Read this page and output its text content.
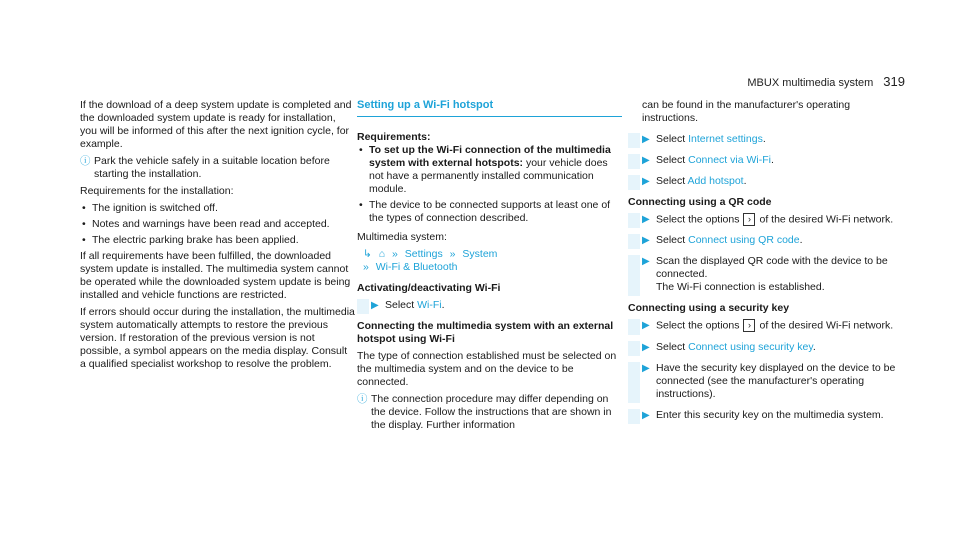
MBUX multimedia system 319

If the download of a deep system update is completed and the downloaded system update is ready for installation, you will be informed of this after the next ignition cycle, for example.

ⓘ Park the vehicle safely in a suitable location before starting the installation.

Requirements for the installation:

• The ignition is switched off.
• Notes and warnings have been read and accepted.
• The electric parking brake has been applied.

If all requirements have been fulfilled, the downloaded system update is installed. The multimedia system cannot be operated while the downloaded system update is being installed and vehicle functions are restricted.

If errors should occur during the installation, the multimedia system automatically attempts to restore the previous version. If restoration of the previous version is not possible, a symbol appears on the media display. Consult a qualified specialist workshop to resolve the problem.

Setting up a Wi-Fi hotspot
Requirements:
• To set up the Wi-Fi connection of the multimedia system with external hotspots: your vehicle does not have a permanently installed communication module.
• The device to be connected supports at least one of the types of connection described.

Multimedia system:

↳ ⌂ » Settings » System
» Wi-Fi & Bluetooth
Activating/deactivating Wi-Fi
▶ Select Wi-Fi.
Connecting the multimedia system with an external hotspot using Wi-Fi

The type of connection established must be selected on the multimedia system and on the device to be connected.

ⓘ The connection procedure may differ depending on the device. Follow the instructions that are shown in the display. Further information

can be found in the manufacturer's operating instructions.

▶ Select Internet settings.
▶ Select Connect via Wi-Fi.
▶ Select Add hotspot.
Connecting using a QR code
▶ Select the options › of the desired Wi-Fi network.
▶ Select Connect using QR code.
▶ Scan the displayed QR code with the device to be connected.
The Wi-Fi connection is established.
Connecting using a security key
▶ Select the options › of the desired Wi-Fi network.
▶ Select Connect using security key.
▶ Have the security key displayed on the device to be connected (see the manufacturer's operating instructions).
▶ Enter this security key on the multimedia system.
